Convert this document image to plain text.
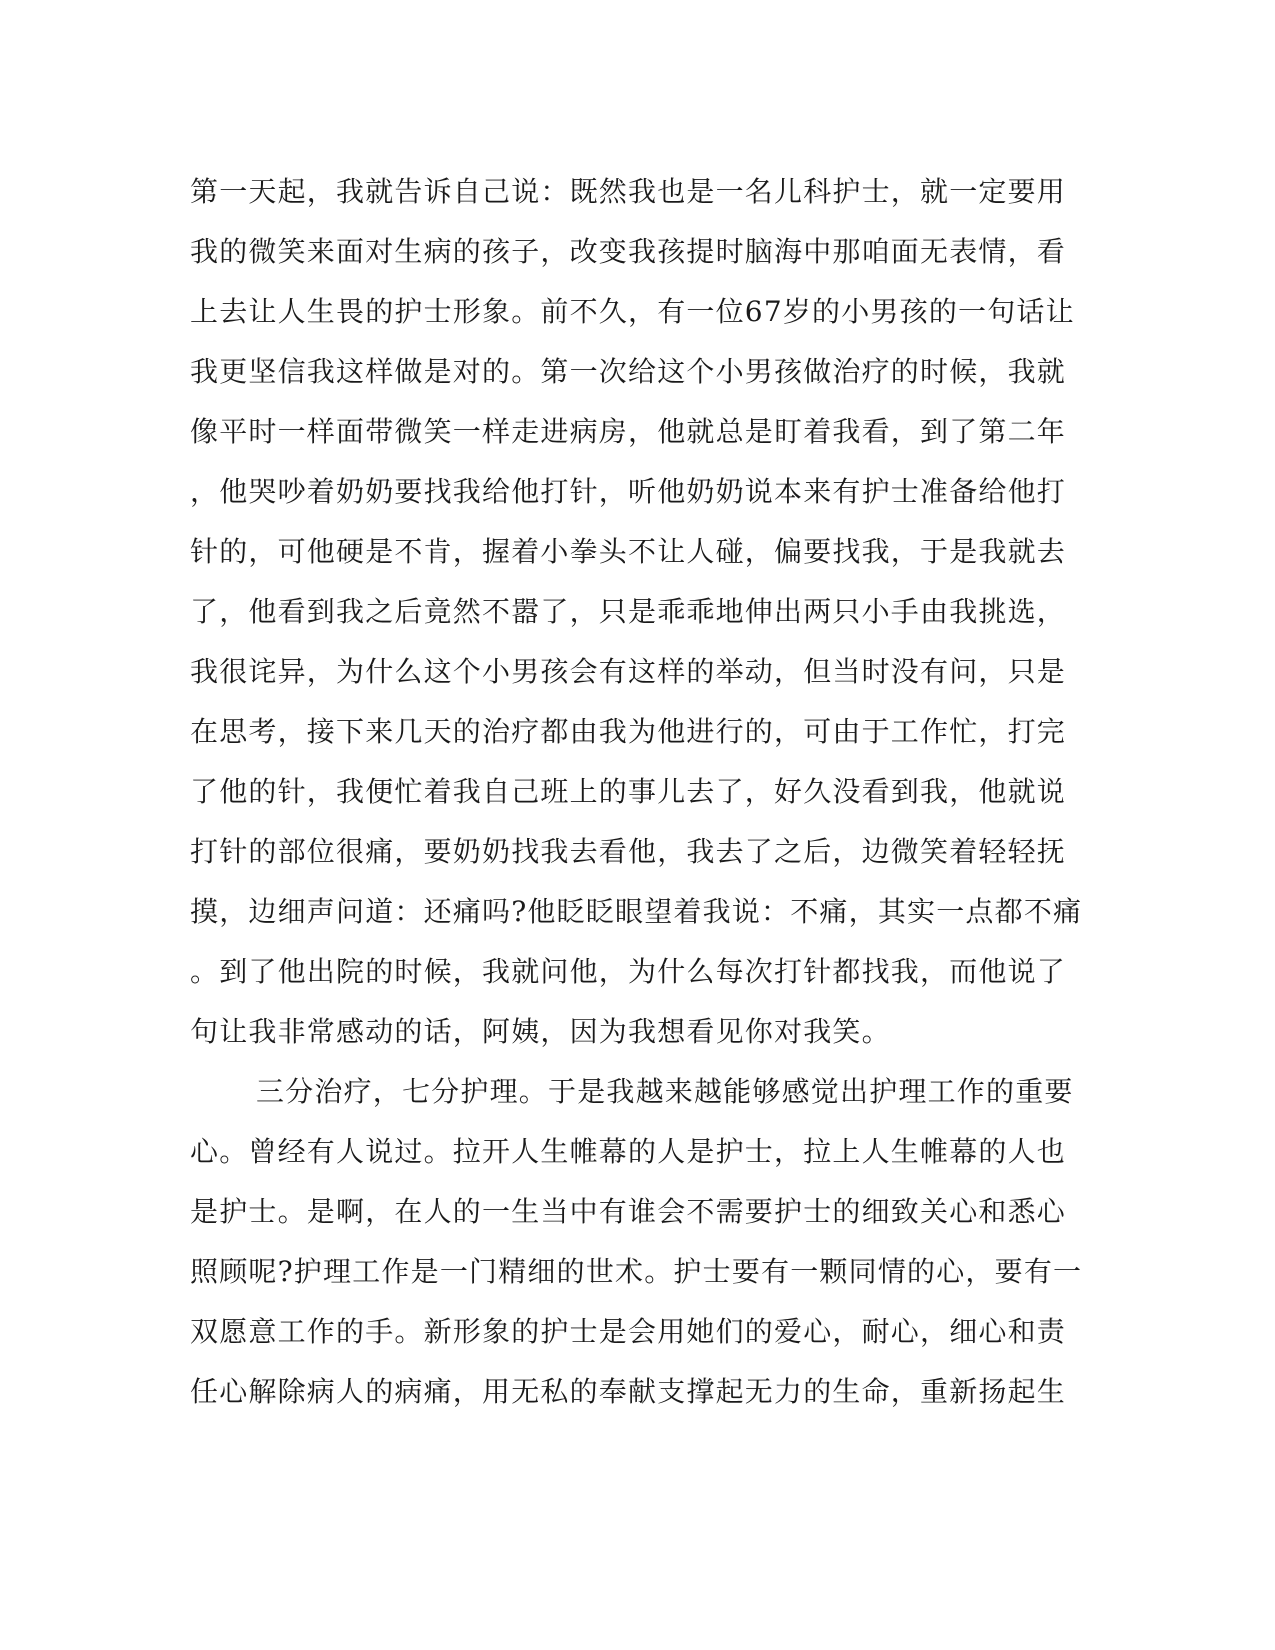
第一天起，我就告诉自己说：既然我也是一名儿科护士，就一定要用

我的微笑来面对生病的孩子，改变我孩提时脑海中那咱面无表情，看

上去让人生畏的护士形象。前不久，有一位67岁的小男孩的一句话让

我更坚信我这样做是对的。第一次给这个小男孩做治疗的时候，我就

像平时一样面带微笑一样走进病房，他就总是盯着我看，到了第二年

，他哭吵着奶奶要找我给他打针，听他奶奶说本来有护士准备给他打

针的，可他硬是不肯，握着小拳头不让人碰，偏要找我，于是我就去

了，他看到我之后竟然不嚣了，只是乖乖地伸出两只小手由我挑选，

我很诧异，为什么这个小男孩会有这样的举动，但当时没有问，只是

在思考，接下来几天的治疗都由我为他进行的，可由于工作忙，打完

了他的针，我便忙着我自己班上的事儿去了，好久没看到我，他就说

打针的部位很痛，要奶奶找我去看他，我去了之后，边微笑着轻轻抚

摸，边细声问道：还痛吗?他眨眨眼望着我说：不痛，其实一点都不痛

。到了他出院的时候，我就问他，为什么每次打针都找我，而他说了

句让我非常感动的话，阿姨，因为我想看见你对我笑。

三分治疗，七分护理。于是我越来越能够感觉出护理工作的重要

心。曾经有人说过。拉开人生帷幕的人是护士，拉上人生帷幕的人也

是护士。是啊，在人的一生当中有谁会不需要护士的细致关心和悉心

照顾呢?护理工作是一门精细的世术。护士要有一颗同情的心，要有一

双愿意工作的手。新形象的护士是会用她们的爱心，耐心，细心和责

任心解除病人的病痛，用无私的奉献支撑起无力的生命，重新扬起生
